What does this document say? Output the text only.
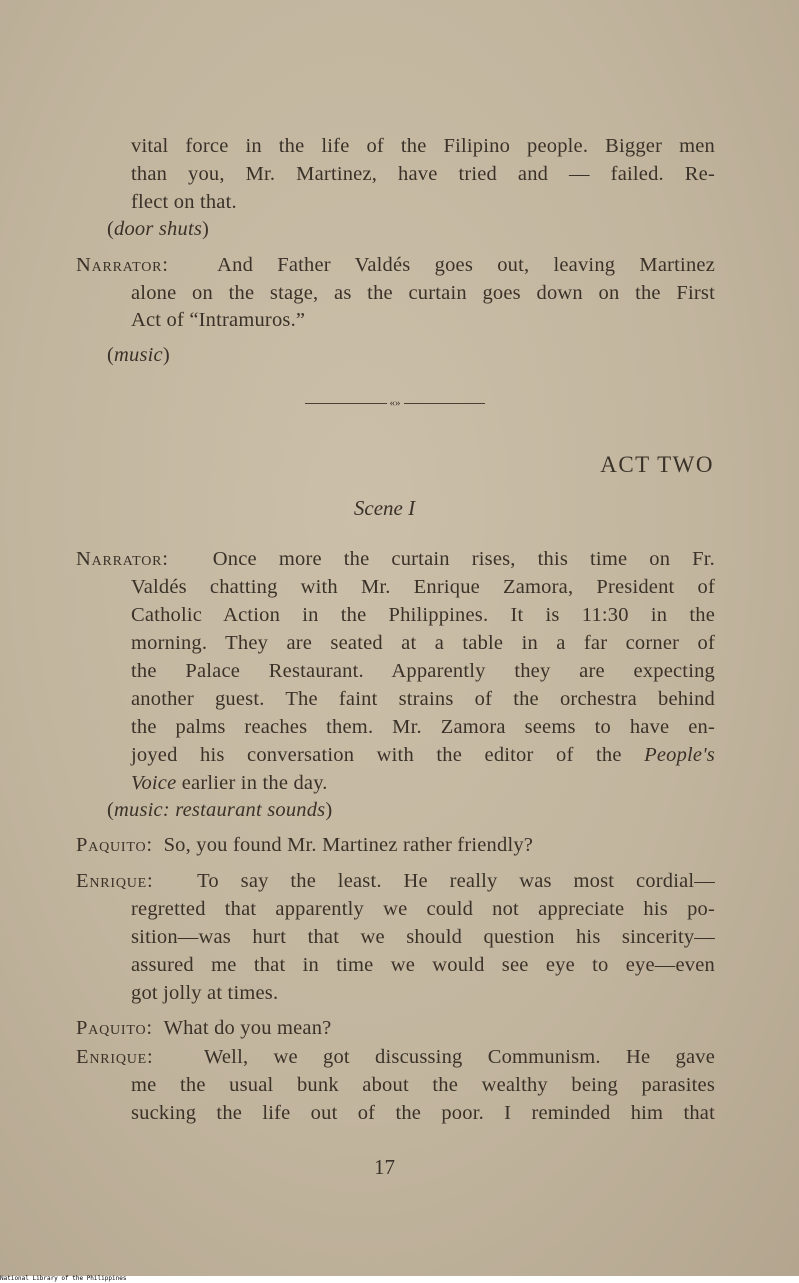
vital force in the life of the Filipino people. Bigger men
than you, Mr. Martinez, have tried and — failed. Re-
flect on that.
(door shuts)
Narrator: And Father Valdés goes out, leaving Martinez
alone on the stage, as the curtain goes down on the First
Act of “Intramuros.”
(music)
«»
ACT TWO
Scene I
Narrator: Once more the curtain rises, this time on Fr.
Valdés chatting with Mr. Enrique Zamora, President of
Catholic Action in the Philippines. It is 11:30 in the
morning. They are seated at a table in a far corner of
the Palace Restaurant. Apparently they are expecting
another guest. The faint strains of the orchestra behind
the palms reaches them. Mr. Zamora seems to have en-
joyed his conversation with the editor of the People's
Voice earlier in the day.
(music: restaurant sounds)
Paquito: So, you found Mr. Martinez rather friendly?
Enrique: To say the least. He really was most cordial—
regretted that apparently we could not appreciate his po-
sition—was hurt that we should question his sincerity—
assured me that in time we would see eye to eye—even
got jolly at times.
Paquito: What do you mean?
Enrique: Well, we got discussing Communism. He gave
me the usual bunk about the wealthy being parasites
sucking the life out of the poor. I reminded him that
17
National Library of the Philippines
